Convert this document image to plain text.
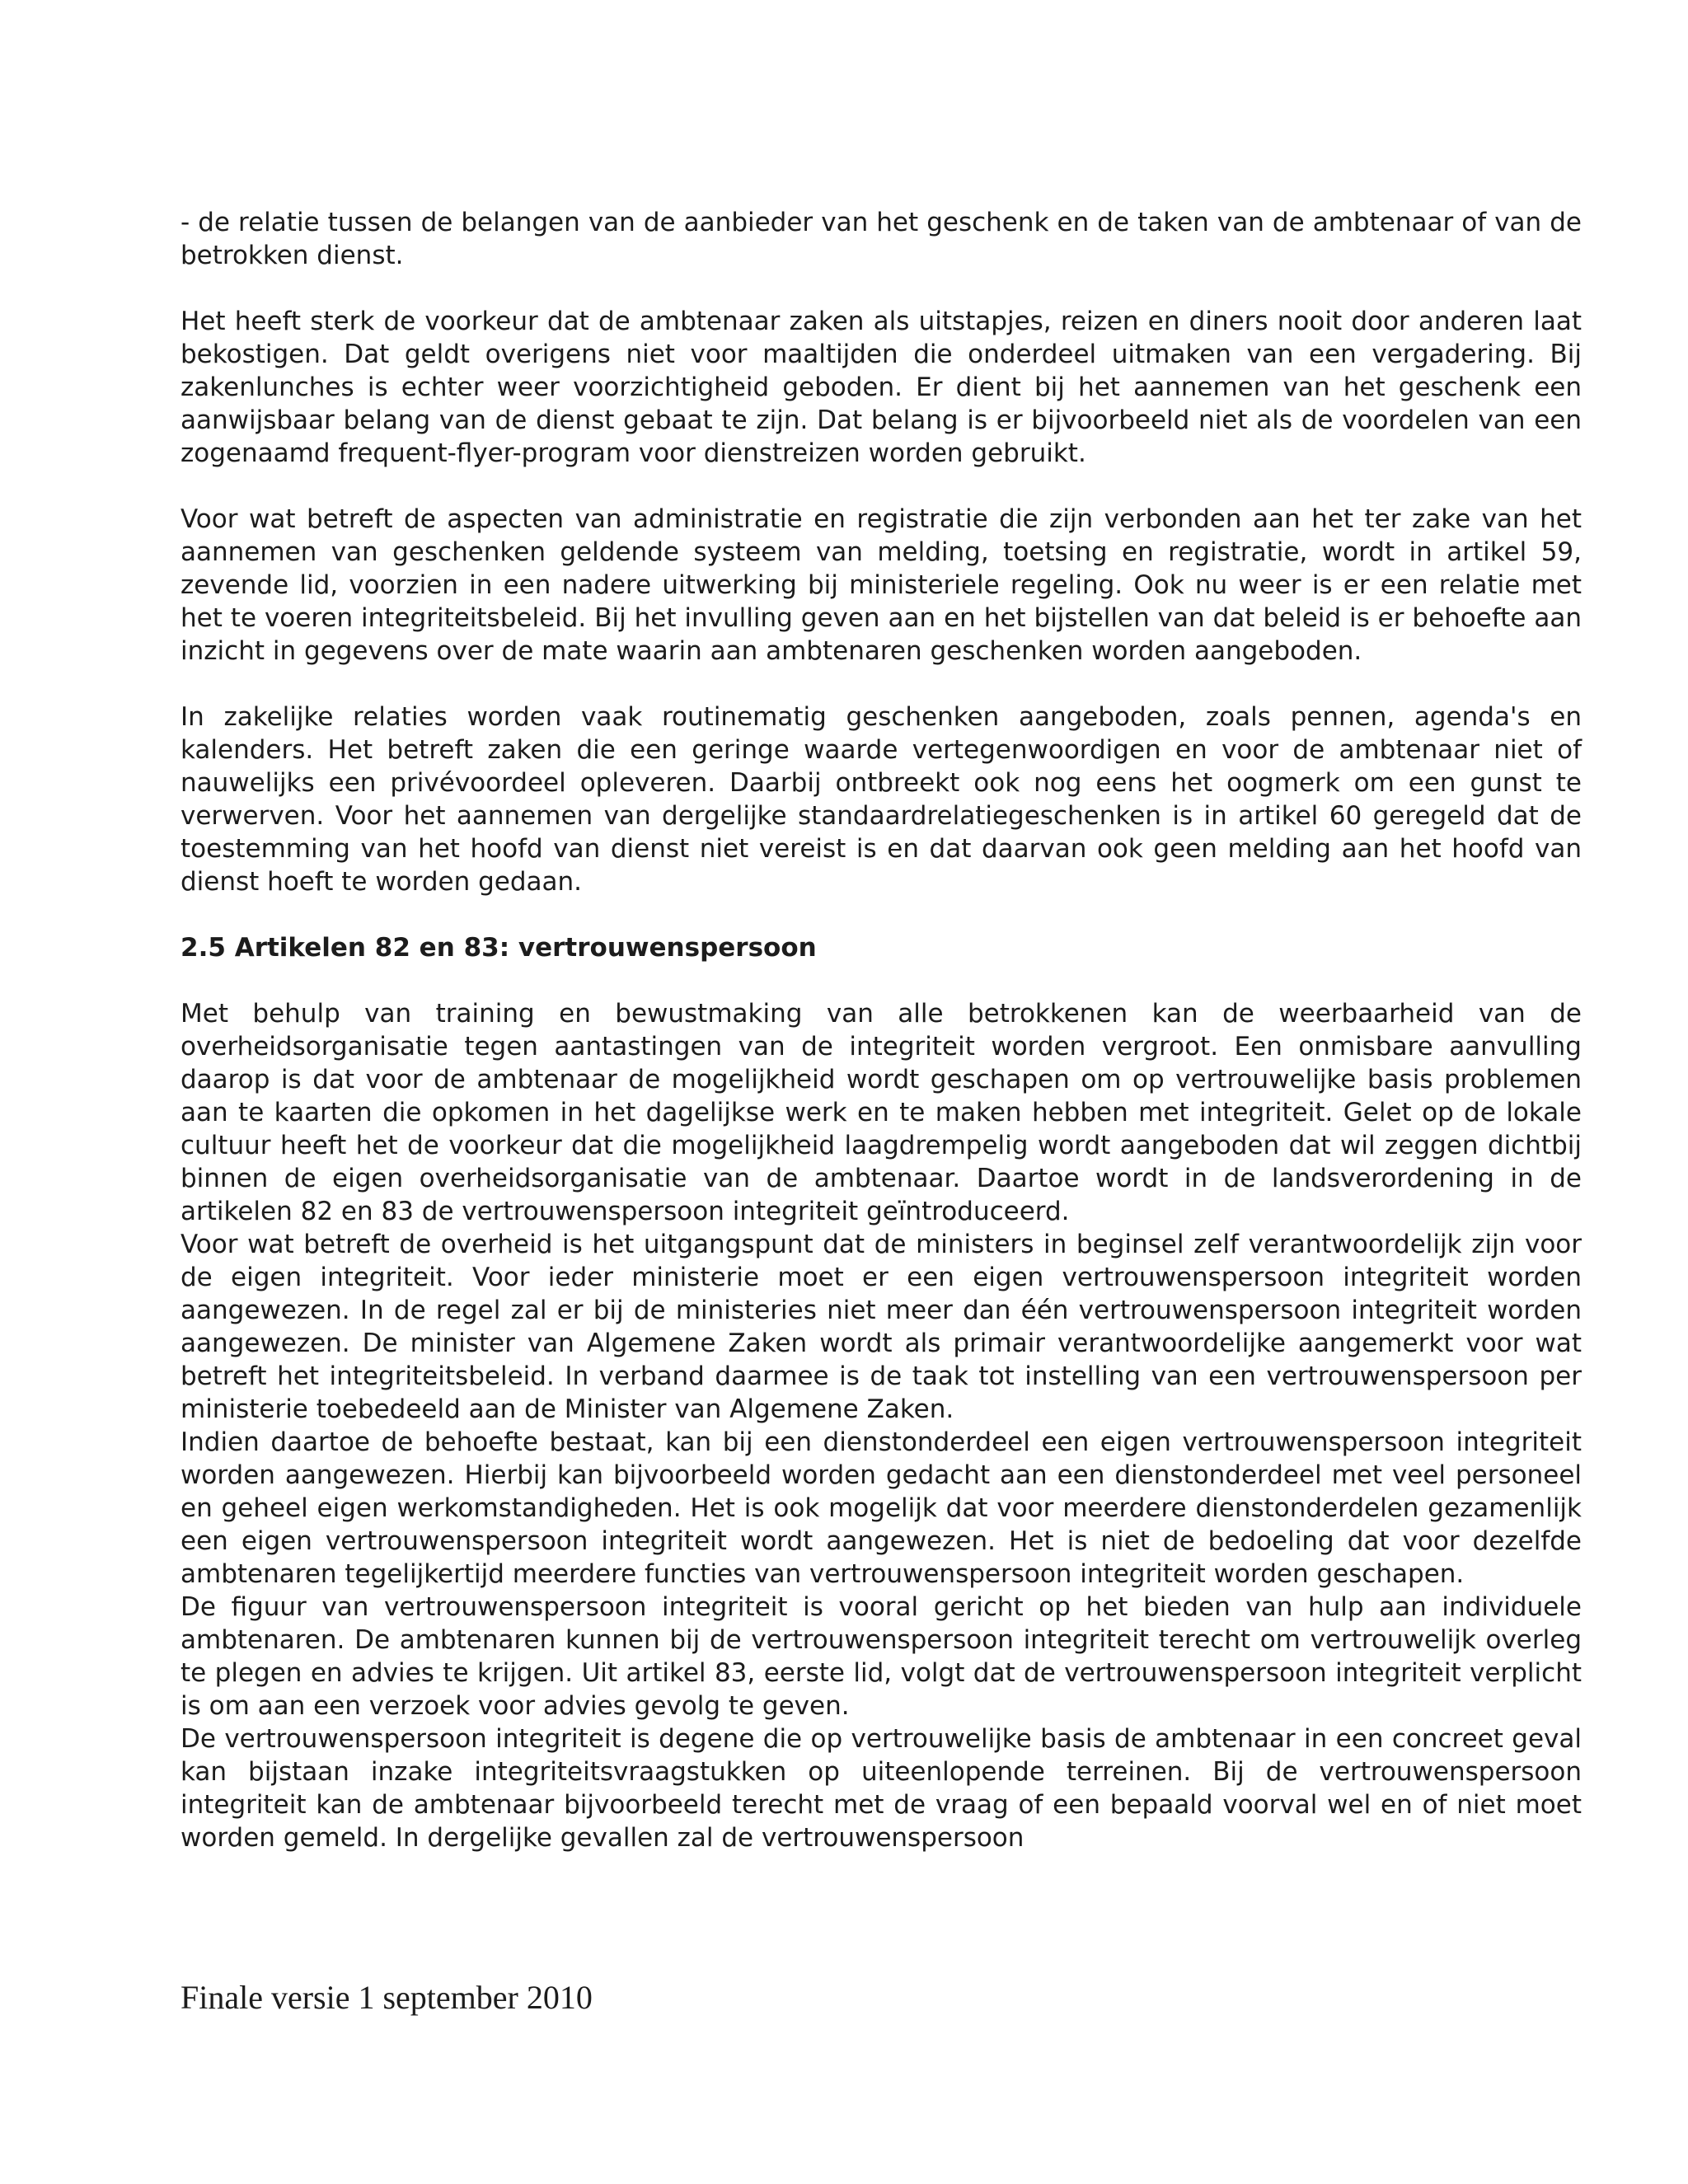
- de relatie tussen de belangen van de aanbieder van het geschenk en de taken van de ambtenaar of van de betrokken dienst.

Het heeft sterk de voorkeur dat de ambtenaar zaken als uitstapjes, reizen en diners nooit door anderen laat bekostigen. Dat geldt overigens niet voor maaltijden die onderdeel uitmaken van een vergadering. Bij zakenlunches is echter weer voorzichtigheid geboden. Er dient bij het aannemen van het geschenk een aanwijsbaar belang van de dienst gebaat te zijn. Dat belang is er bijvoorbeeld niet als de voordelen van een zogenaamd frequent-flyer-program voor dienstreizen worden gebruikt.

Voor wat betreft de aspecten van administratie en registratie die zijn verbonden aan het ter zake van het aannemen van geschenken geldende systeem van melding, toetsing en registratie, wordt in artikel 59, zevende lid, voorzien in een nadere uitwerking bij ministeriele regeling. Ook nu weer is er een relatie met het te voeren integriteitsbeleid. Bij het invulling geven aan en het bijstellen van dat beleid is er behoefte aan inzicht in gegevens over de mate waarin aan ambtenaren geschenken worden aangeboden.

In zakelijke relaties worden vaak routinematig geschenken aangeboden, zoals pennen, agenda's en kalenders. Het betreft zaken die een geringe waarde vertegenwoordigen en voor de ambtenaar niet of nauwelijks een privévoordeel opleveren. Daarbij ontbreekt ook nog eens het oogmerk om een gunst te verwerven. Voor het aannemen van dergelijke standaardrelatiegeschenken is in artikel 60 geregeld dat de toestemming van het hoofd van dienst niet vereist is en dat daarvan ook geen melding aan het hoofd van dienst hoeft te worden gedaan.

2.5 Artikelen 82 en 83: vertrouwenspersoon

Met behulp van training en bewustmaking van alle betrokkenen kan de weerbaarheid van de overheidsorganisatie tegen aantastingen van de integriteit worden vergroot. Een onmisbare aanvulling daarop is dat voor de ambtenaar de mogelijkheid wordt geschapen om op vertrouwelijke basis problemen aan te kaarten die opkomen in het dagelijkse werk en te maken hebben met integriteit. Gelet op de lokale cultuur heeft het de voorkeur dat die mogelijkheid laagdrempelig wordt aangeboden dat wil zeggen dichtbij binnen de eigen overheidsorganisatie van de ambtenaar. Daartoe wordt in de landsverordening in de artikelen 82 en 83 de vertrouwenspersoon integriteit geïntroduceerd.

Voor wat betreft de overheid is het uitgangspunt dat de ministers in beginsel zelf verantwoordelijk zijn voor de eigen integriteit. Voor ieder ministerie moet er een eigen vertrouwenspersoon integriteit worden aangewezen. In de regel zal er bij de ministeries niet meer dan één vertrouwenspersoon integriteit worden aangewezen. De minister van Algemene Zaken wordt als primair verantwoordelijke aangemerkt voor wat betreft het integriteitsbeleid. In verband daarmee is de taak tot instelling van een vertrouwenspersoon per ministerie toebedeeld aan de Minister van Algemene Zaken.

Indien daartoe de behoefte bestaat, kan bij een dienstonderdeel een eigen vertrouwenspersoon integriteit worden aangewezen. Hierbij kan bijvoorbeeld worden gedacht aan een dienstonderdeel met veel personeel en geheel eigen werkomstandigheden. Het is ook mogelijk dat voor meerdere dienstonderdelen gezamenlijk een eigen vertrouwenspersoon integriteit wordt aangewezen. Het is niet de bedoeling dat voor dezelfde ambtenaren tegelijkertijd meerdere functies van vertrouwenspersoon integriteit worden geschapen.

De figuur van vertrouwenspersoon integriteit is vooral gericht op het bieden van hulp aan individuele ambtenaren. De ambtenaren kunnen bij de vertrouwenspersoon integriteit terecht om vertrouwelijk overleg te plegen en advies te krijgen. Uit artikel 83, eerste lid, volgt dat de vertrouwenspersoon integriteit verplicht is om aan een verzoek voor advies gevolg te geven.

De vertrouwenspersoon integriteit is degene die op vertrouwelijke basis de ambtenaar in een concreet geval kan bijstaan inzake integriteitsvraagstukken op uiteenlopende terreinen. Bij de vertrouwenspersoon integriteit kan de ambtenaar bijvoorbeeld terecht met de vraag of een bepaald voorval wel en of niet moet worden gemeld. In dergelijke gevallen zal de vertrouwenspersoon

Finale versie 1 september 2010
